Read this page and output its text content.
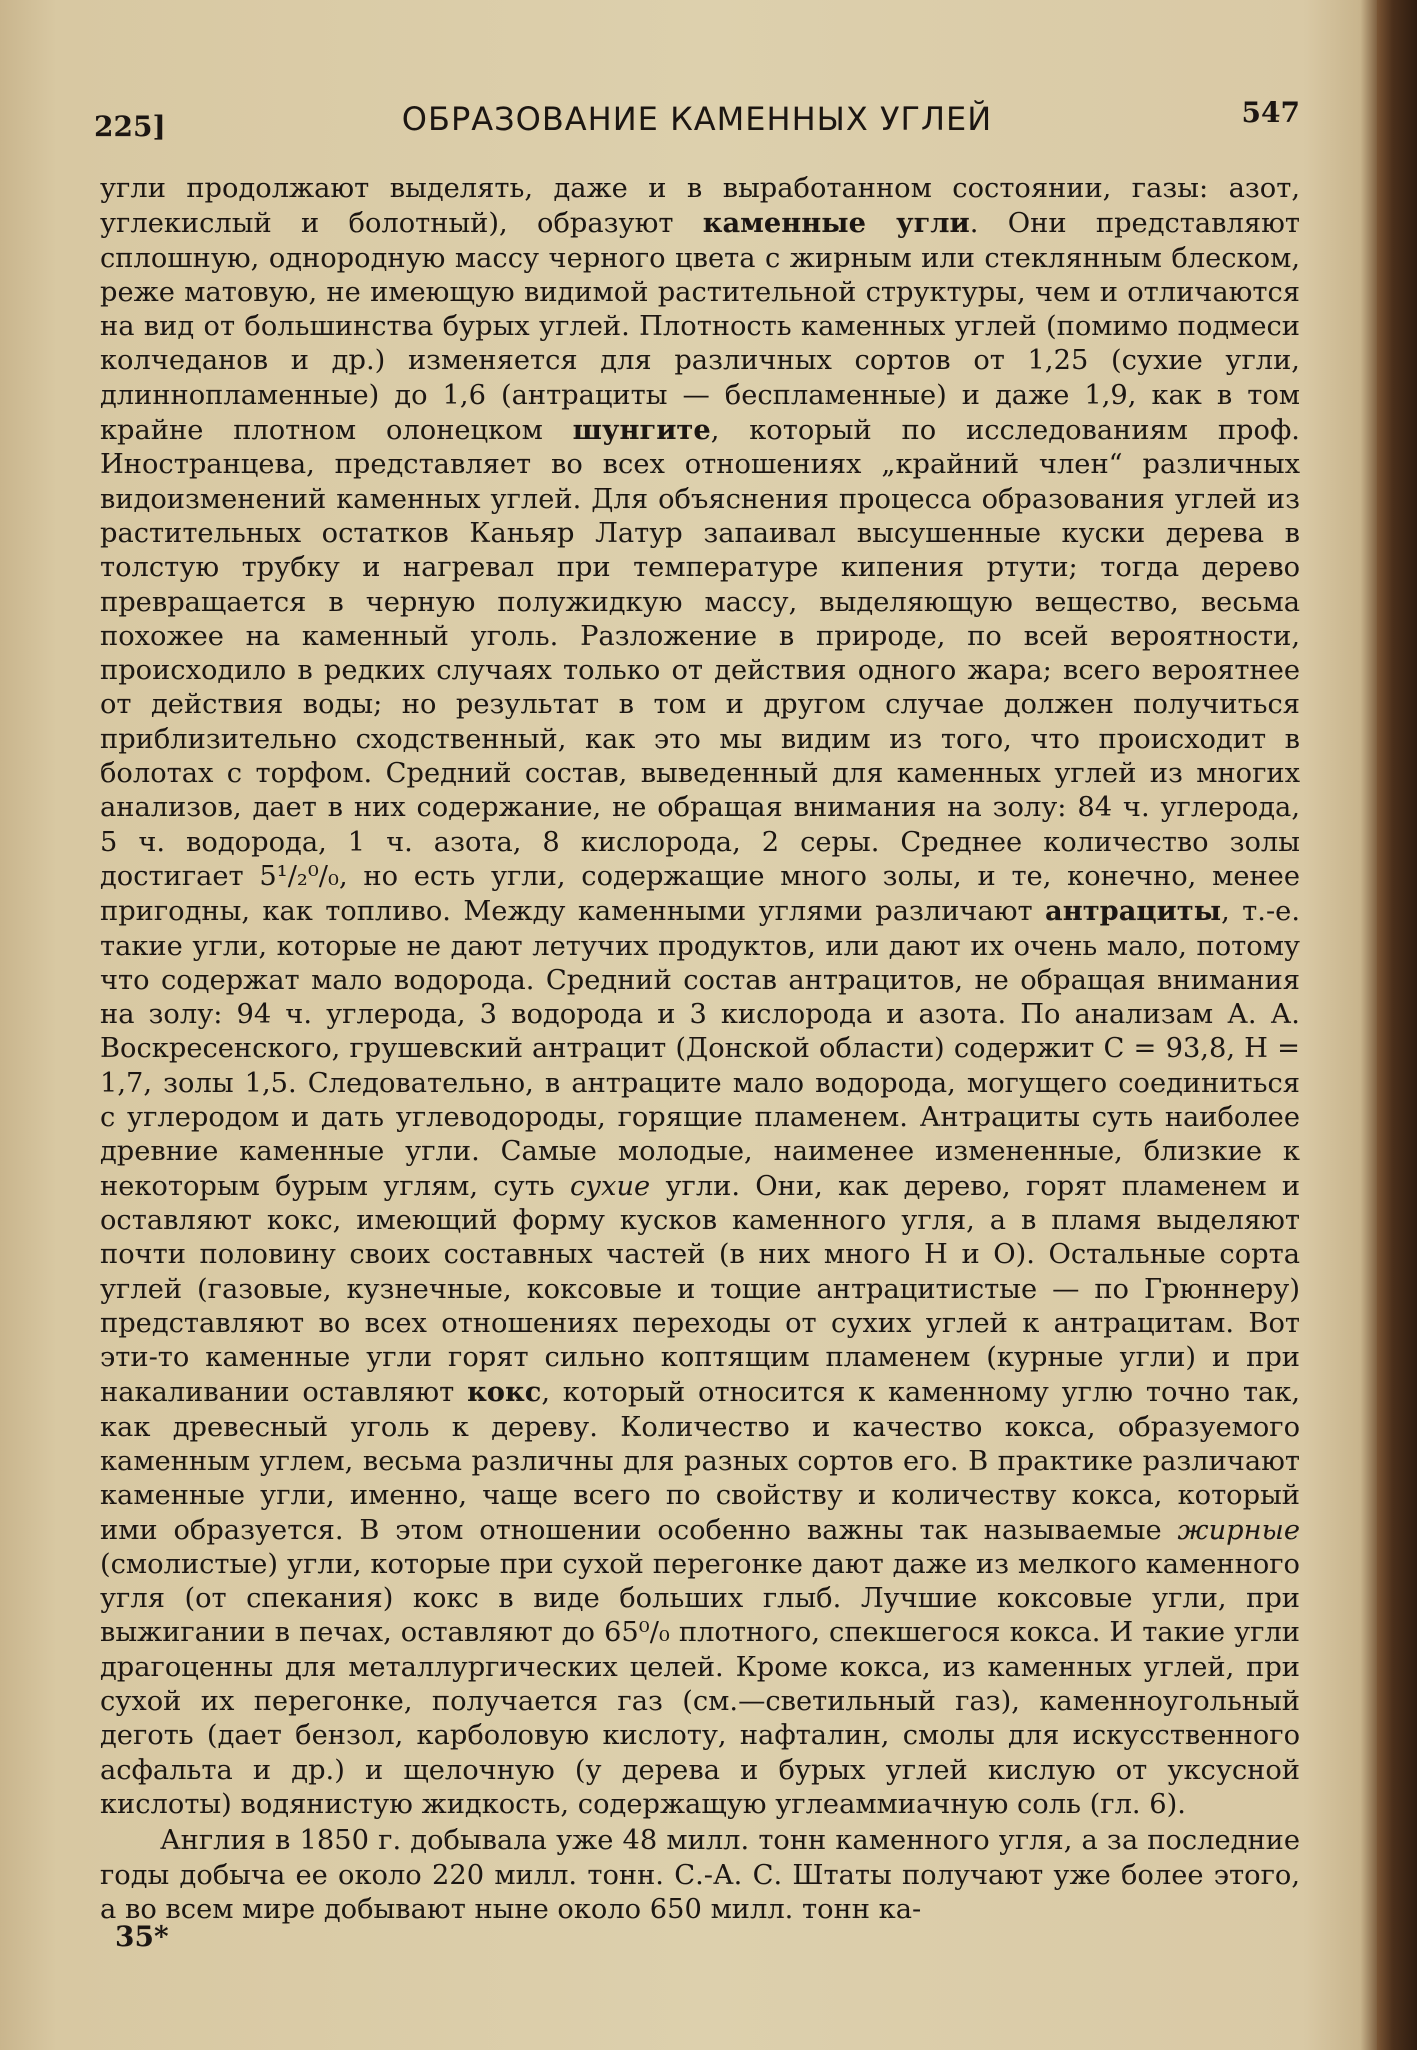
225]	ОБРАЗОВАНИЕ КАМЕННЫХ УГЛЕЙ	547

угли продолжают выделять, даже и в выработанном состоянии, газы: азот, углекислый и болотный), образуют каменные угли. Они представляют сплошную, однородную массу черного цвета с жирным или стеклянным блеском, реже матовую, не имеющую видимой растительной структуры, чем и отличаются на вид от большинства бурых углей. Плотность каменных углей (помимо подмеси колчеданов и др.) изменяется для различных сортов от 1,25 (сухие угли, длиннопламенные) до 1,6 (антрациты — беспламенные) и даже 1,9, как в том крайне плотном олонецком шунгите, который по исследованиям проф. Иностранцева, представляет во всех отношениях „крайний член“ различных видоизменений каменных углей. Для объяснения процесса образования углей из растительных остатков Каньяр Латур запаивал высушенные куски дерева в толстую трубку и нагревал при температуре кипения ртути; тогда дерево превращается в черную полужидкую массу, выделяющую вещество, весьма похожее на каменный уголь. Разложение в природе, по всей вероятности, происходило в редких случаях только от действия одного жара; всего вероятнее от действия воды; но результат в том и другом случае должен получиться приблизительно сходственный, как это мы видим из того, что происходит в болотах с торфом. Средний состав, выведенный для каменных углей из многих анализов, дает в них содержание, не обращая внимания на золу: 84 ч. углерода, 5 ч. водорода, 1 ч. азота, 8 кислорода, 2 серы. Среднее количество золы достигает 5¹/₂⁰/₀, но есть угли, содержащие много золы, и те, конечно, менее пригодны, как топливо. Между каменными углями различают антрациты, т.-е. такие угли, которые не дают летучих продуктов, или дают их очень мало, потому что содержат мало водорода. Средний состав антрацитов, не обращая внимания на золу: 94 ч. углерода, 3 водорода и 3 кислорода и азота. По анализам А. А. Воскресенского, грушевский антрацит (Донской области) содержит C = 93,8, H = 1,7, золы 1,5. Следовательно, в антраците мало водорода, могущего соединиться с углеродом и дать углеводороды, горящие пламенем. Антрациты суть наиболее древние каменные угли. Самые молодые, наименее измененные, близкие к некоторым бурым углям, суть сухие угли. Они, как дерево, горят пламенем и оставляют кокс, имеющий форму кусков каменного угля, а в пламя выделяют почти половину своих составных частей (в них много H и O). Остальные сорта углей (газовые, кузнечные, коксовые и тощие антрацитистые — по Грюннеру) представляют во всех отношениях переходы от сухих углей к антрацитам. Вот эти-то каменные угли горят сильно коптящим пламенем (курные угли) и при накаливании оставляют кокс, который относится к каменному углю точно так, как древесный уголь к дереву. Количество и качество кокса, образуемого каменным углем, весьма различны для разных сортов его. В практике различают каменные угли, именно, чаще всего по свойству и количеству кокса, который ими образуется. В этом отношении особенно важны так называемые жирные (смолистые) угли, которые при сухой перегонке дают даже из мелкого каменного угля (от спекания) кокс в виде больших глыб. Лучшие коксовые угли, при выжигании в печах, оставляют до 65⁰/₀ плотного, спекшегося кокса. И такие угли драгоценны для металлургических целей. Кроме кокса, из каменных углей, при сухой их перегонке, получается газ (см.—светильный газ), каменноугольный деготь (дает бензол, карболовую кислоту, нафталин, смолы для искусственного асфальта и др.) и щелочную (у дерева и бурых углей кислую от уксусной кислоты) водянистую жидкость, содержащую углеаммиачную соль (гл. 6).

Англия в 1850 г. добывала уже 48 милл. тонн каменного угля, а за последние годы добыча ее около 220 милл. тонн. С.-А. С. Штаты получают уже более этого, а во всем мире добывают ныне около 650 милл. тонн ка-

35*
